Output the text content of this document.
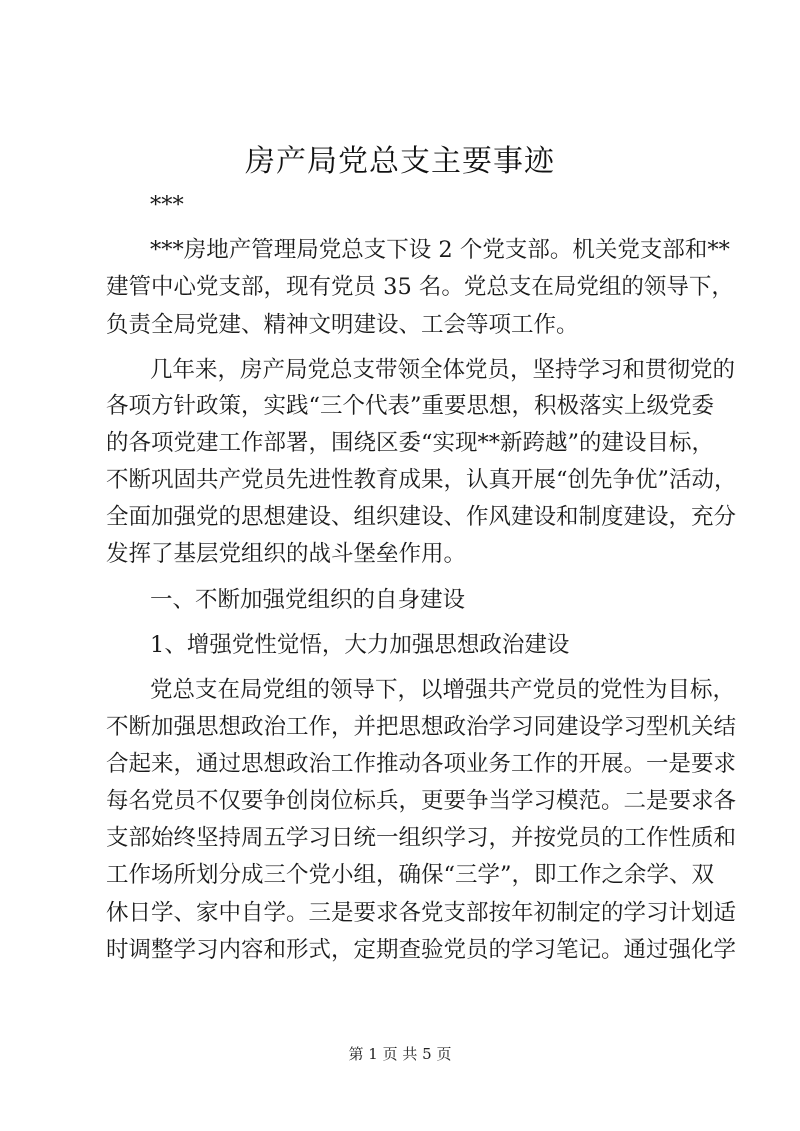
房产局党总支主要事迹
***
***房地产管理局党总支下设 2 个党支部。机关党支部和**
建管中心党支部，现有党员 35 名。党总支在局党组的领导下，
负责全局党建、精神文明建设、工会等项工作。
几年来，房产局党总支带领全体党员，坚持学习和贯彻党的
各项方针政策，实践“三个代表”重要思想，积极落实上级党委
的各项党建工作部署，围绕区委“实现**新跨越”的建设目标，
不断巩固共产党员先进性教育成果，认真开展“创先争优”活动，
全面加强党的思想建设、组织建设、作风建设和制度建设，充分
发挥了基层党组织的战斗堡垒作用。
一、不断加强党组织的自身建设
1、增强党性觉悟，大力加强思想政治建设
党总支在局党组的领导下，以增强共产党员的党性为目标，
不断加强思想政治工作，并把思想政治学习同建设学习型机关结
合起来，通过思想政治工作推动各项业务工作的开展。一是要求
每名党员不仅要争创岗位标兵，更要争当学习模范。二是要求各
支部始终坚持周五学习日统一组织学习，并按党员的工作性质和
工作场所划分成三个党小组，确保“三学”，即工作之余学、双
休日学、家中自学。三是要求各党支部按年初制定的学习计划适
时调整学习内容和形式，定期查验党员的学习笔记。通过强化学
第 1 页 共 5 页
